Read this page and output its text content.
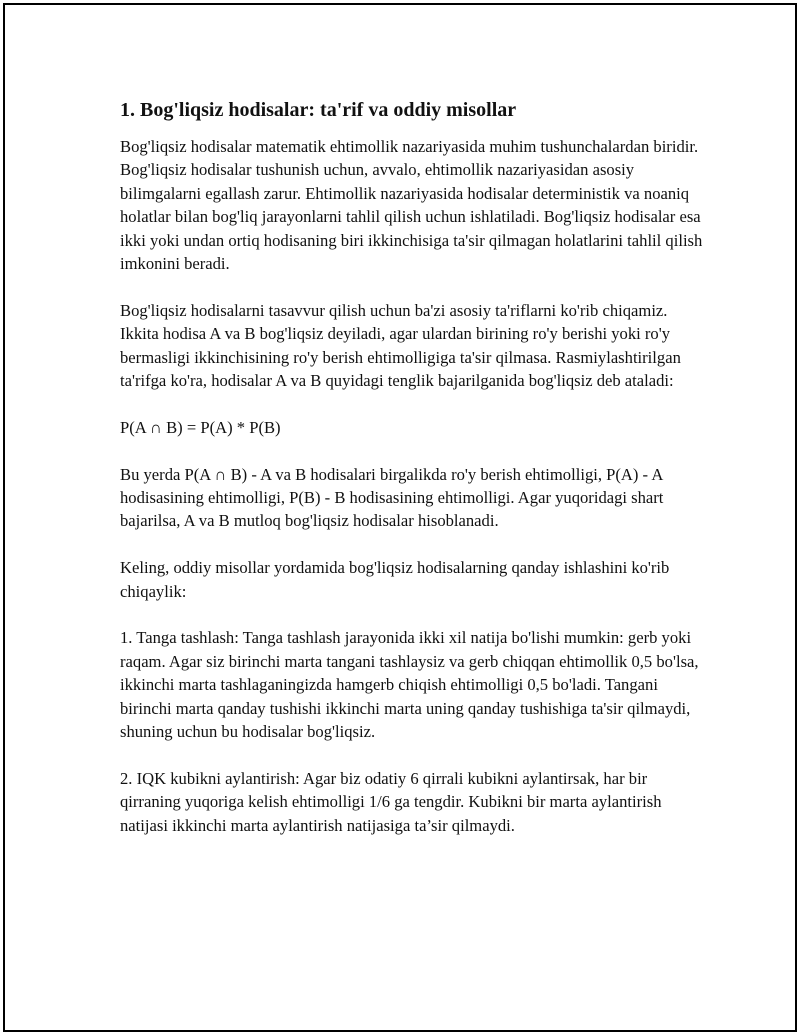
1. Bog'liqsiz hodisalar: ta'rif va oddiy misollar

Bog'liqsiz hodisalar matematik ehtimollik nazariyasida muhim tushunchalardan biridir. Bog'liqsiz hodisalar tushunish uchun, avvalo, ehtimollik nazariyasidan asosiy bilimgalarni egallash zarur. Ehtimollik nazariyasida hodisalar deterministik va noaniq holatlar bilan bog'liq jarayonlarni tahlil qilish uchun ishlatiladi. Bog'liqsiz hodisalar esa ikki yoki undan ortiq hodisaning biri ikkinchisiga ta'sir qilmagan holatlarini tahlil qilish imkonini beradi.

Bog'liqsiz hodisalarni tasavvur qilish uchun ba'zi asosiy ta'riflarni ko'rib chiqamiz. Ikkita hodisa A va B bog'liqsiz deyiladi, agar ulardan birining ro'y berishi yoki ro'y bermasligi ikkinchisining ro'y berish ehtimolligiga ta'sir qilmasa. Rasmiylashtirilgan ta'rifga ko'ra, hodisalar A va B quyidagi tenglik bajarilganida bog'liqsiz deb ataladi:

P(A ∩ B) = P(A) * P(B)

Bu yerda P(A ∩ B) - A va B hodisalari birgalikda ro'y berish ehtimolligi, P(A) - A hodisasining ehtimolligi, P(B) - B hodisasining ehtimolligi. Agar yuqoridagi shart bajarilsa, A va B mutloq bog'liqsiz hodisalar hisoblanadi.

Keling, oddiy misollar yordamida bog'liqsiz hodisalarning qanday ishlashini ko'rib chiqaylik:

1. Tanga tashlash: Tanga tashlash jarayonida ikki xil natija bo'lishi mumkin: gerb yoki raqam. Agar siz birinchi marta tangani tashlaysiz va gerb chiqqan ehtimollik 0,5 bo'lsa, ikkinchi marta tashlaganingizda hamgerb chiqish ehtimolligi 0,5 bo'ladi. Tangani birinchi marta qanday tushishi ikkinchi marta uning qanday tushishiga ta'sir qilmaydi, shuning uchun bu hodisalar bog'liqsiz.

2. IQK kubikni aylantirish: Agar biz odatiy 6 qirrali kubikni aylantirsak, har bir qirraning yuqoriga kelish ehtimolligi 1/6 ga tengdir. Kubikni bir marta aylantirish natijasi ikkinchi marta aylantirish natijasiga ta’sir qilmaydi.
